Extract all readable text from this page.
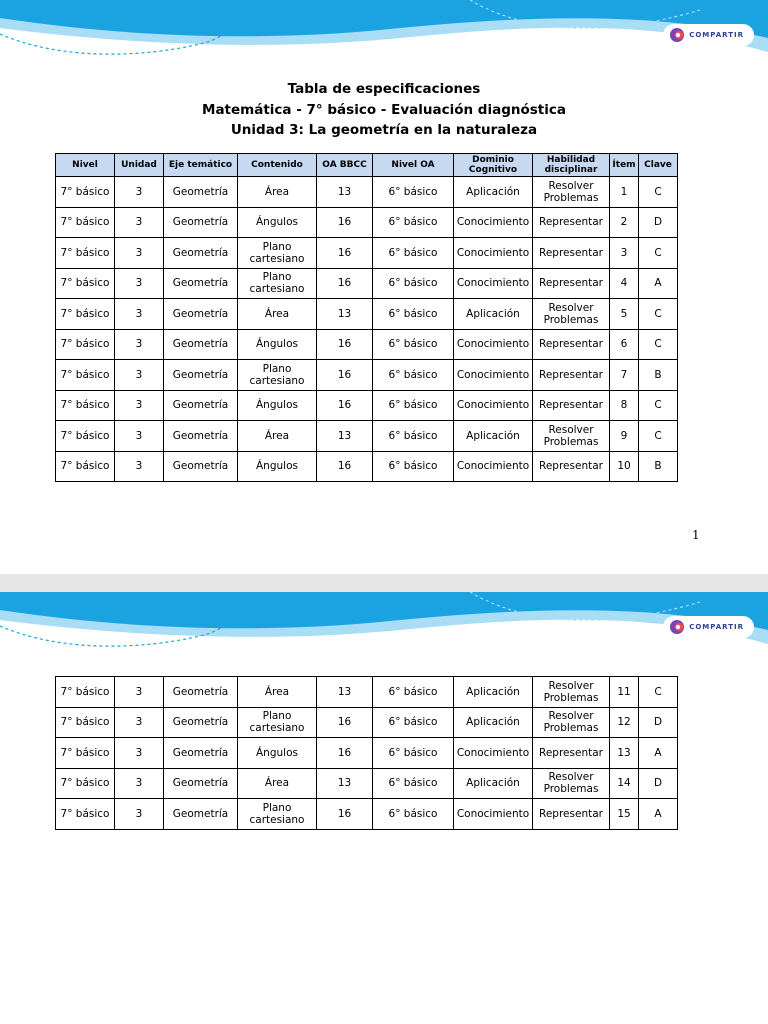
COMPARTIR
Tabla de especificaciones
Matemática - 7° básico - Evaluación diagnóstica
Unidad 3: La geometría en la naturaleza
Nivel	Unidad	Eje temático	Contenido	OA BBCC	Nivel OA	Dominio Cognitivo	Habilidad disciplinar	Ítem	Clave
7° básico	3	Geometría	Área	13	6° básico	Aplicación	Resolver Problemas	1	C
7° básico	3	Geometría	Ángulos	16	6° básico	Conocimiento	Representar	2	D
7° básico	3	Geometría	Plano cartesiano	16	6° básico	Conocimiento	Representar	3	C
7° básico	3	Geometría	Plano cartesiano	16	6° básico	Conocimiento	Representar	4	A
7° básico	3	Geometría	Área	13	6° básico	Aplicación	Resolver Problemas	5	C
7° básico	3	Geometría	Ángulos	16	6° básico	Conocimiento	Representar	6	C
7° básico	3	Geometría	Plano cartesiano	16	6° básico	Conocimiento	Representar	7	B
7° básico	3	Geometría	Ángulos	16	6° básico	Conocimiento	Representar	8	C
7° básico	3	Geometría	Área	13	6° básico	Aplicación	Resolver Problemas	9	C
7° básico	3	Geometría	Ángulos	16	6° básico	Conocimiento	Representar	10	B
1
COMPARTIR
7° básico	3	Geometría	Área	13	6° básico	Aplicación	Resolver Problemas	11	C
7° básico	3	Geometría	Plano cartesiano	16	6° básico	Aplicación	Resolver Problemas	12	D
7° básico	3	Geometría	Ángulos	16	6° básico	Conocimiento	Representar	13	A
7° básico	3	Geometría	Área	13	6° básico	Aplicación	Resolver Problemas	14	D
7° básico	3	Geometría	Plano cartesiano	16	6° básico	Conocimiento	Representar	15	A
